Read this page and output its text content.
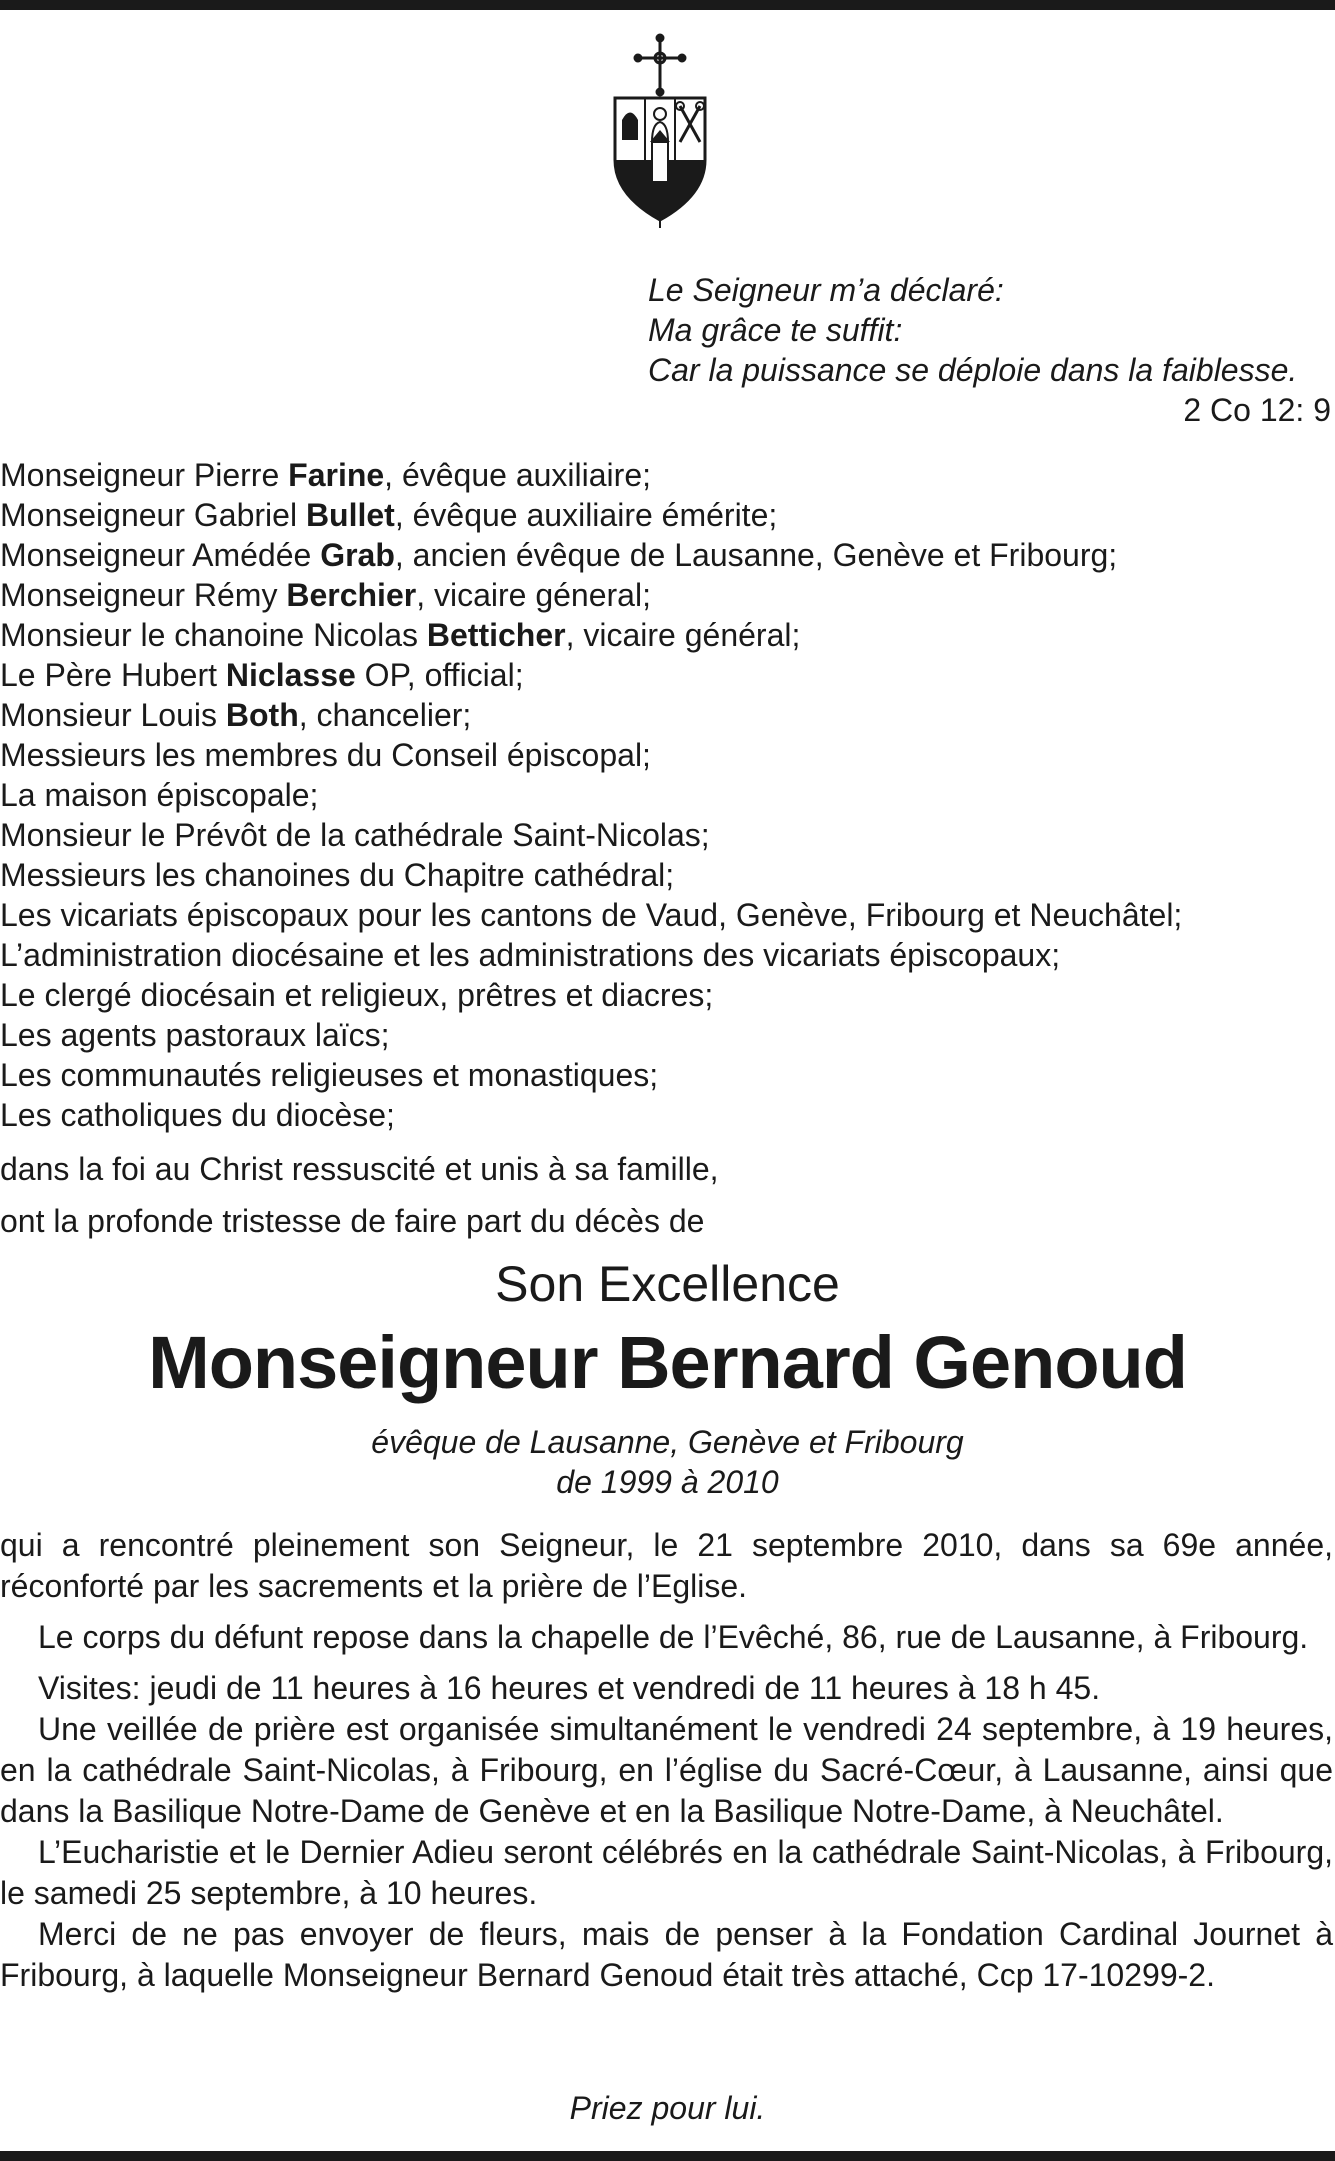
Le Seigneur m’a déclaré:
Ma grâce te suffit:
Car la puissance se déploie dans la faiblesse.
2 Co 12: 9
Monseigneur Pierre Farine, évêque auxiliaire;
Monseigneur Gabriel Bullet, évêque auxiliaire émérite;
Monseigneur Amédée Grab, ancien évêque de Lausanne, Genève et Fribourg;
Monseigneur Rémy Berchier, vicaire géneral;
Monsieur le chanoine Nicolas Betticher, vicaire général;
Le Père Hubert Niclasse OP, official;
Monsieur Louis Both, chancelier;
Messieurs les membres du Conseil épiscopal;
La maison épiscopale;
Monsieur le Prévôt de la cathédrale Saint-Nicolas;
Messieurs les chanoines du Chapitre cathédral;
Les vicariats épiscopaux pour les cantons de Vaud, Genève, Fribourg et Neuchâtel;
L’administration diocésaine et les administrations des vicariats épiscopaux;
Le clergé diocésain et religieux, prêtres et diacres;
Les agents pastoraux laïcs;
Les communautés religieuses et monastiques;
Les catholiques du diocèse;
dans la foi au Christ ressuscité et unis à sa famille,
ont la profonde tristesse de faire part du décès de
Son Excellence
Monseigneur Bernard Genoud
évêque de Lausanne, Genève et Fribourg
de 1999 à 2010

qui a rencontré pleinement son Seigneur, le 21 septembre 2010, dans sa 69e année, réconforté par les sacrements et la prière de l’Eglise.

Le corps du défunt repose dans la chapelle de l’Evêché, 86, rue de Lausanne, à Fribourg.

Visites: jeudi de 11 heures à 16 heures et vendredi de 11 heures à 18 h 45.

Une veillée de prière est organisée simultanément le vendredi 24 septembre, à 19 heures, en la cathédrale Saint-Nicolas, à Fribourg, en l’église du Sacré-Cœur, à Lausanne, ainsi que dans la Basilique Notre-Dame de Genève et en la Basilique Notre-Dame, à Neuchâtel.

L’Eucharistie et le Dernier Adieu seront célébrés en la cathédrale Saint-Nicolas, à Fribourg, le samedi 25 septembre, à 10 heures.

Merci de ne pas envoyer de fleurs, mais de penser à la Fondation Cardinal Journet à Fribourg, à laquelle Monseigneur Bernard Genoud était très attaché, Ccp 17-10299-2.

Priez pour lui.
